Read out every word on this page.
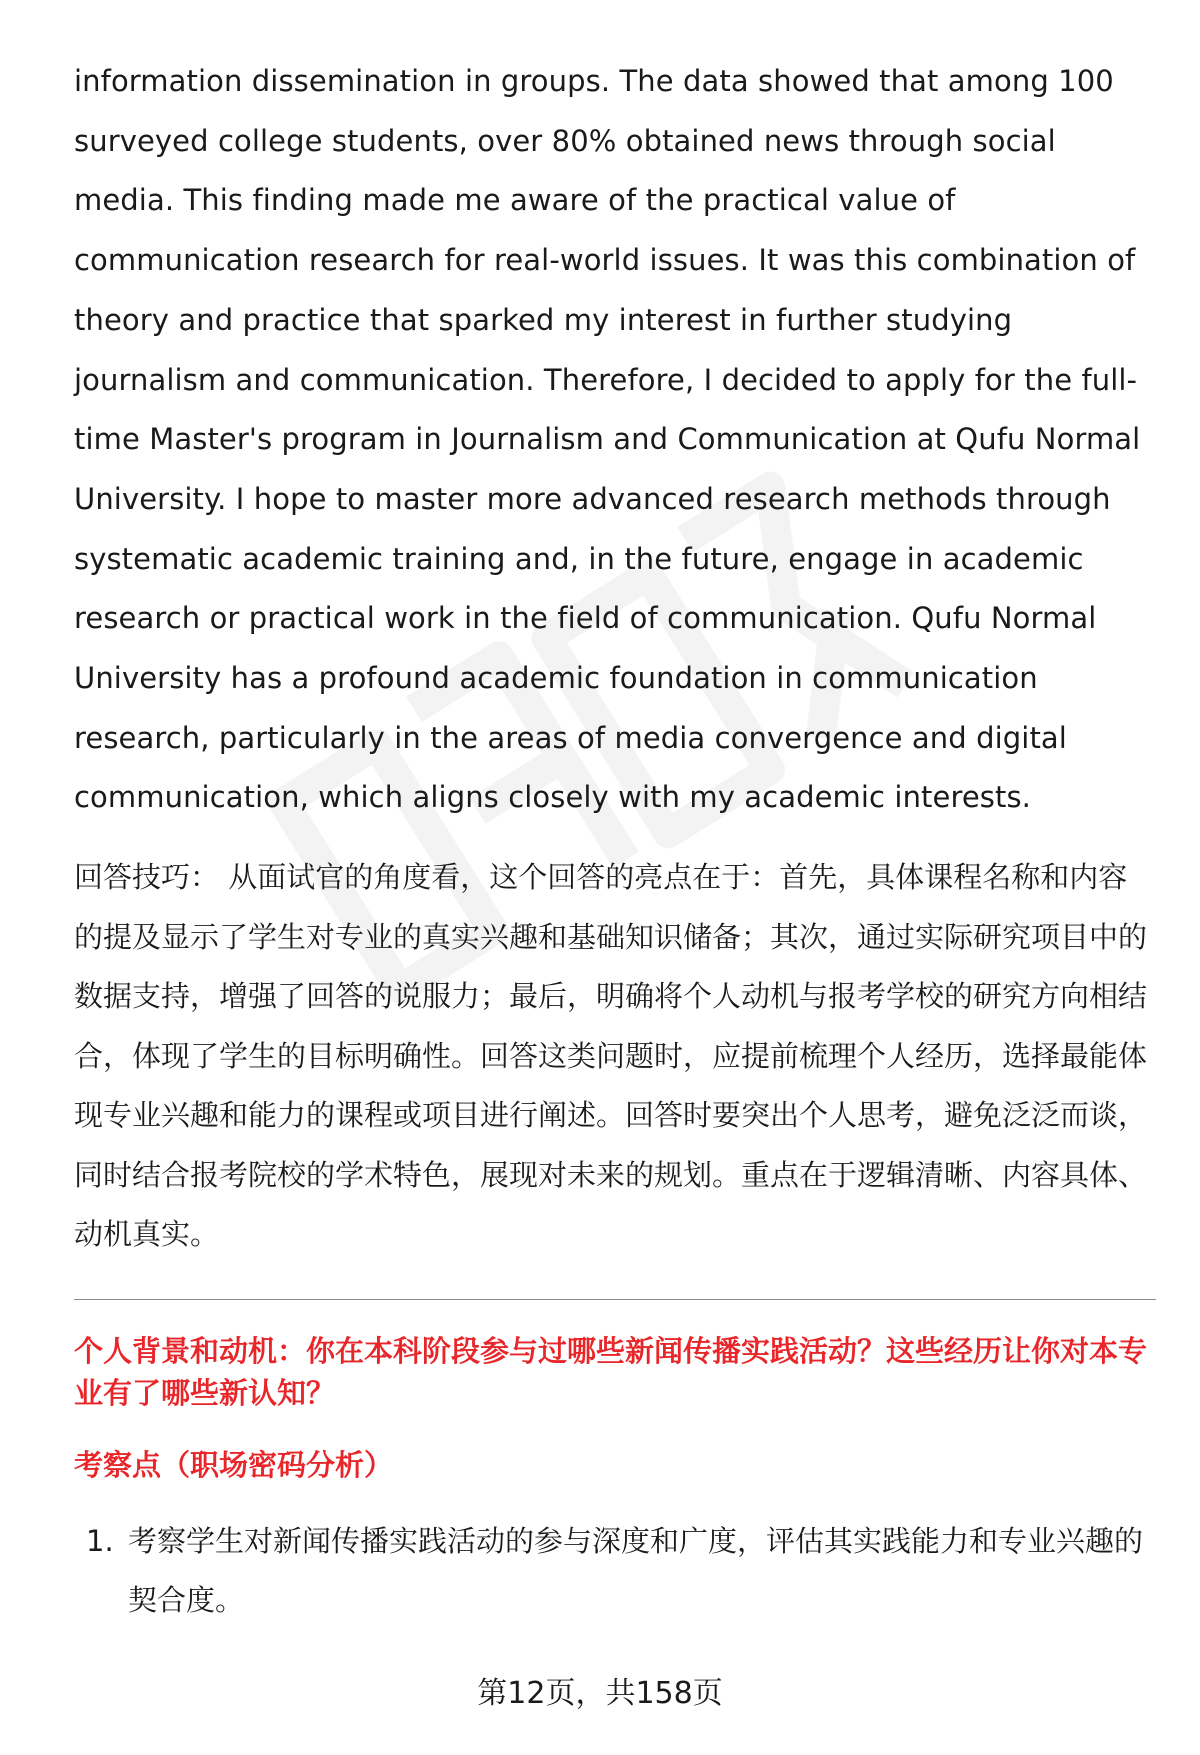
information dissemination in groups. The data showed that among 100 surveyed college students, over 80% obtained news through social media. This finding made me aware of the practical value of communication research for real-world issues. It was this combination of theory and practice that sparked my interest in further studying journalism and communication. Therefore, I decided to apply for the full-time Master's program in Journalism and Communication at Qufu Normal University. I hope to master more advanced research methods through systematic academic training and, in the future, engage in academic research or practical work in the field of communication. Qufu Normal University has a profound academic foundation in communication research, particularly in the areas of media convergence and digital communication, which aligns closely with my academic interests.

回答技巧： 从面试官的角度看，这个回答的亮点在于：首先，具体课程名称和内容的提及显示了学生对专业的真实兴趣和基础知识储备；其次，通过实际研究项目中的数据支持，增强了回答的说服力；最后，明确将个人动机与报考学校的研究方向相结合，体现了学生的目标明确性。回答这类问题时，应提前梳理个人经历，选择最能体现专业兴趣和能力的课程或项目进行阐述。回答时要突出个人思考，避免泛泛而谈，同时结合报考院校的学术特色，展现对未来的规划。重点在于逻辑清晰、内容具体、动机真实。

个人背景和动机：你在本科阶段参与过哪些新闻传播实践活动？这些经历让你对本专业有了哪些新认知？

考察点（职场密码分析）

1. 考察学生对新闻传播实践活动的参与深度和广度，评估其实践能力和专业兴趣的契合度。
第12页，共158页
